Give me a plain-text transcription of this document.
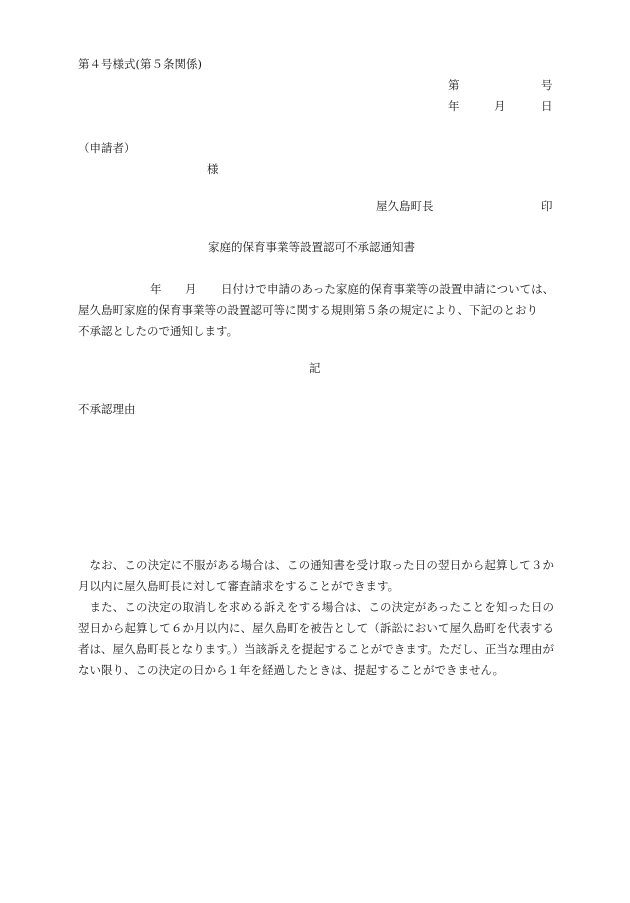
第４号様式(第５条関係)
第	号
年	月	日
（申請者）
様
屋久島町長	印
家庭的保育事業等設置認可不承認通知書
年 月 日付けで申請のあった家庭的保育事業等の設置申請については、
屋久島町家庭的保育事業等の設置認可等に関する規則第５条の規定により、下記のとおり
不承認としたので通知します。
記
不承認理由

なお、この決定に不服がある場合は、この通知書を受け取った日の翌日から起算して３か月以内に屋久島町長に対して審査請求をすることができます。

また、この決定の取消しを求める訴えをする場合は、この決定があったことを知った日の翌日から起算して６か月以内に、屋久島町を被告として（訴訟において屋久島町を代表する者は、屋久島町長となります。）当該訴えを提起することができます。ただし、正当な理由がない限り、この決定の日から１年を経過したときは、提起することができません。
